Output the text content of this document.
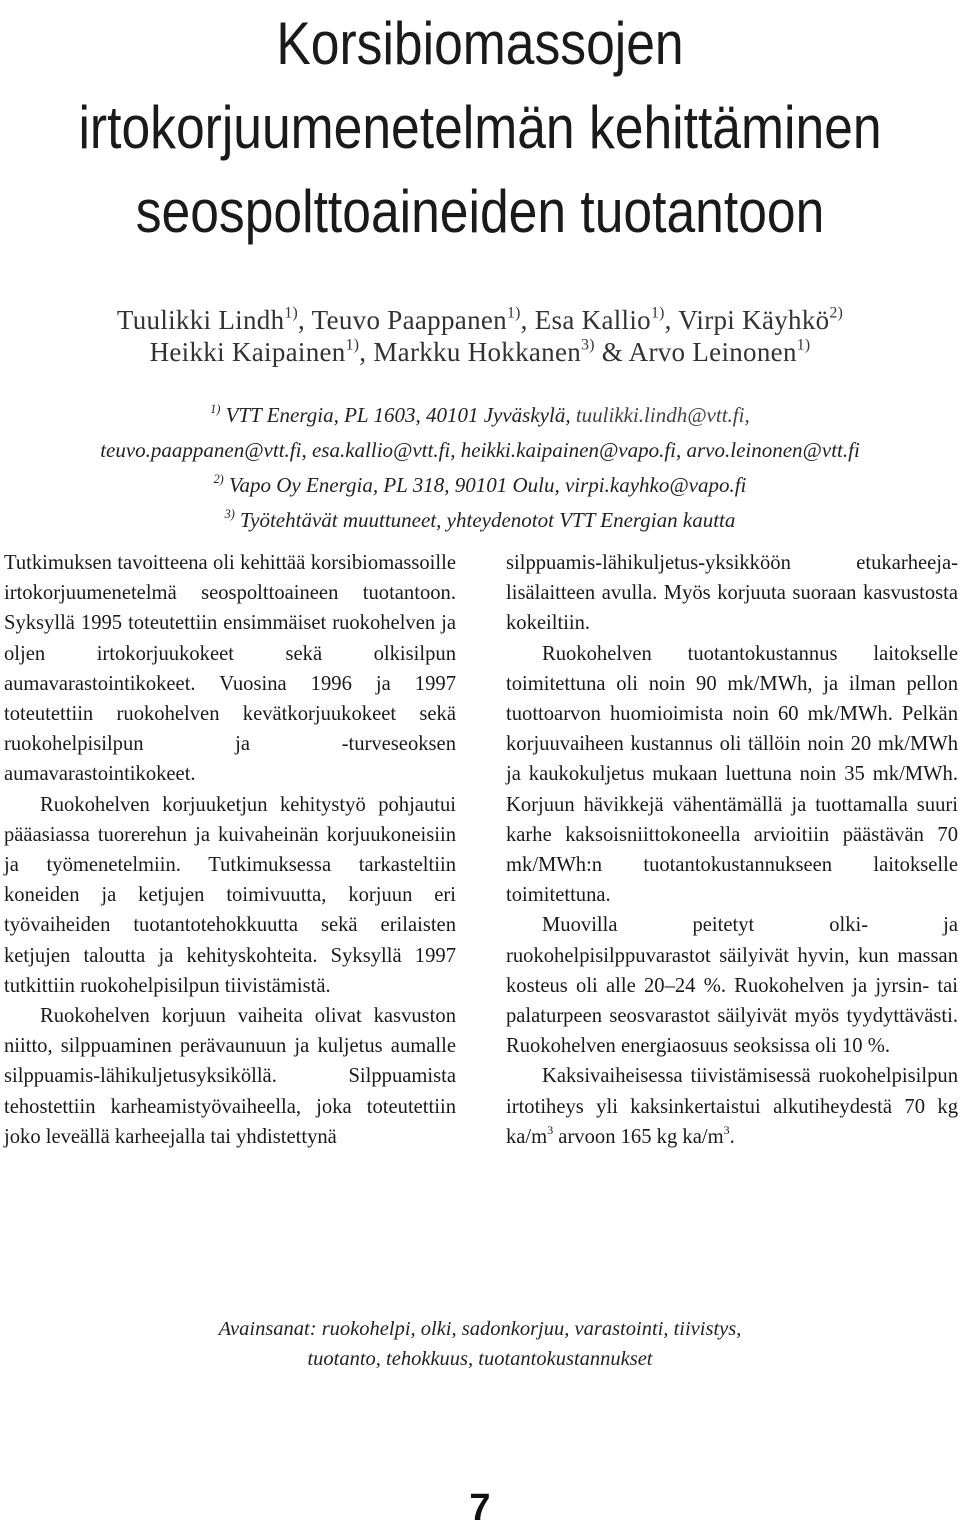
Korsibiomassojen
irtokorjuumenetelmän kehittäminen
seospolttoaineiden tuotantoon
Tuulikki Lindh$^{1)}$, Teuvo Paappanen$^{1)}$, Esa Kallio$^{1)}$, Virpi Käyhkö$^{2)}$
Heikki Kaipainen$^{1)}$, Markku Hokkanen$^{3)}$ & Arvo Leinonen$^{1)}$
$^{1)}$ VTT Energia, PL 1603, 40101 Jyväskylä, tuulikki.lindh@vtt.fi,
teuvo.paappanen@vtt.fi, esa.kallio@vtt.fi, heikki.kaipainen@vapo.fi, arvo.leinonen@vtt.fi
$^{2)}$ Vapo Oy Energia, PL 318, 90101 Oulu, virpi.kayhko@vapo.fi
$^{3)}$ Työtehtävät muuttuneet, yhteydenotot VTT Energian kautta

Tutkimuksen tavoitteena oli kehittää korsibiomassoille irtokorjuumenetelmä seospolttoaineen tuotantoon. Syksyllä 1995 toteutettiin ensimmäiset ruokohelven ja oljen irtokorjuukokeet sekä olkisilpun aumavarastointikokeet. Vuosina 1996 ja 1997 toteutettiin ruokohelven kevätkorjuukokeet sekä ruokohelpisilpun ja -turveseoksen aumavarastointikokeet.

Ruokohelven korjuuketjun kehitystyö pohjautui pääasiassa tuorerehun ja kuivaheinän korjuukoneisiin ja työmenetelmiin. Tutkimuksessa tarkasteltiin koneiden ja ketjujen toimivuutta, korjuun eri työvaiheiden tuotantotehokkuutta sekä erilaisten ketjujen taloutta ja kehityskohteita. Syksyllä 1997 tutkittiin ruokohelpisilpun tiivistämistä.

Ruokohelven korjuun vaiheita olivat kasvuston niitto, silppuaminen perävaunuun ja kuljetus aumalle silppuamis-lähikuljetusyksiköllä. Silppuamista tehostettiin karheamistyövaiheella, joka toteutettiin joko leveällä karheejalla tai yhdistettynä

silppuamis-lähikuljetus-yksikköön etukarheeja-lisälaitteen avulla. Myös korjuuta suoraan kasvustosta kokeiltiin.

Ruokohelven tuotantokustannus laitokselle toimitettuna oli noin 90 mk/MWh, ja ilman pellon tuottoarvon huomioimista noin 60 mk/MWh. Pelkän korjuuvaiheen kustannus oli tällöin noin 20 mk/MWh ja kaukokuljetus mukaan luettuna noin 35 mk/MWh. Korjuun hävikkejä vähentämällä ja tuottamalla suuri karhe kaksoisniittokoneella arvioitiin päästävän 70 mk/MWh:n tuotantokustannukseen laitokselle toimitettuna.

Muovilla peitetyt olki- ja ruokohelpisilppuvarastot säilyivät hyvin, kun massan kosteus oli alle 20–24 %. Ruokohelven ja jyrsin- tai palaturpeen seosvarastot säilyivät myös tyydyttävästi. Ruokohelven energiaosuus seoksissa oli 10 %.

Kaksivaiheisessa tiivistämisessä ruokohelpisilpun irtotiheys yli kaksinkertaistui alkutiheydestä 70 kg $ka/m^3$ arvoon 165 kg $ka/m^3$.

Avainsanat: ruokohelpi, olki, sadonkorjuu, varastointi, tiivistys,
tuotanto, tehokkuus, tuotantokustannukset
7
